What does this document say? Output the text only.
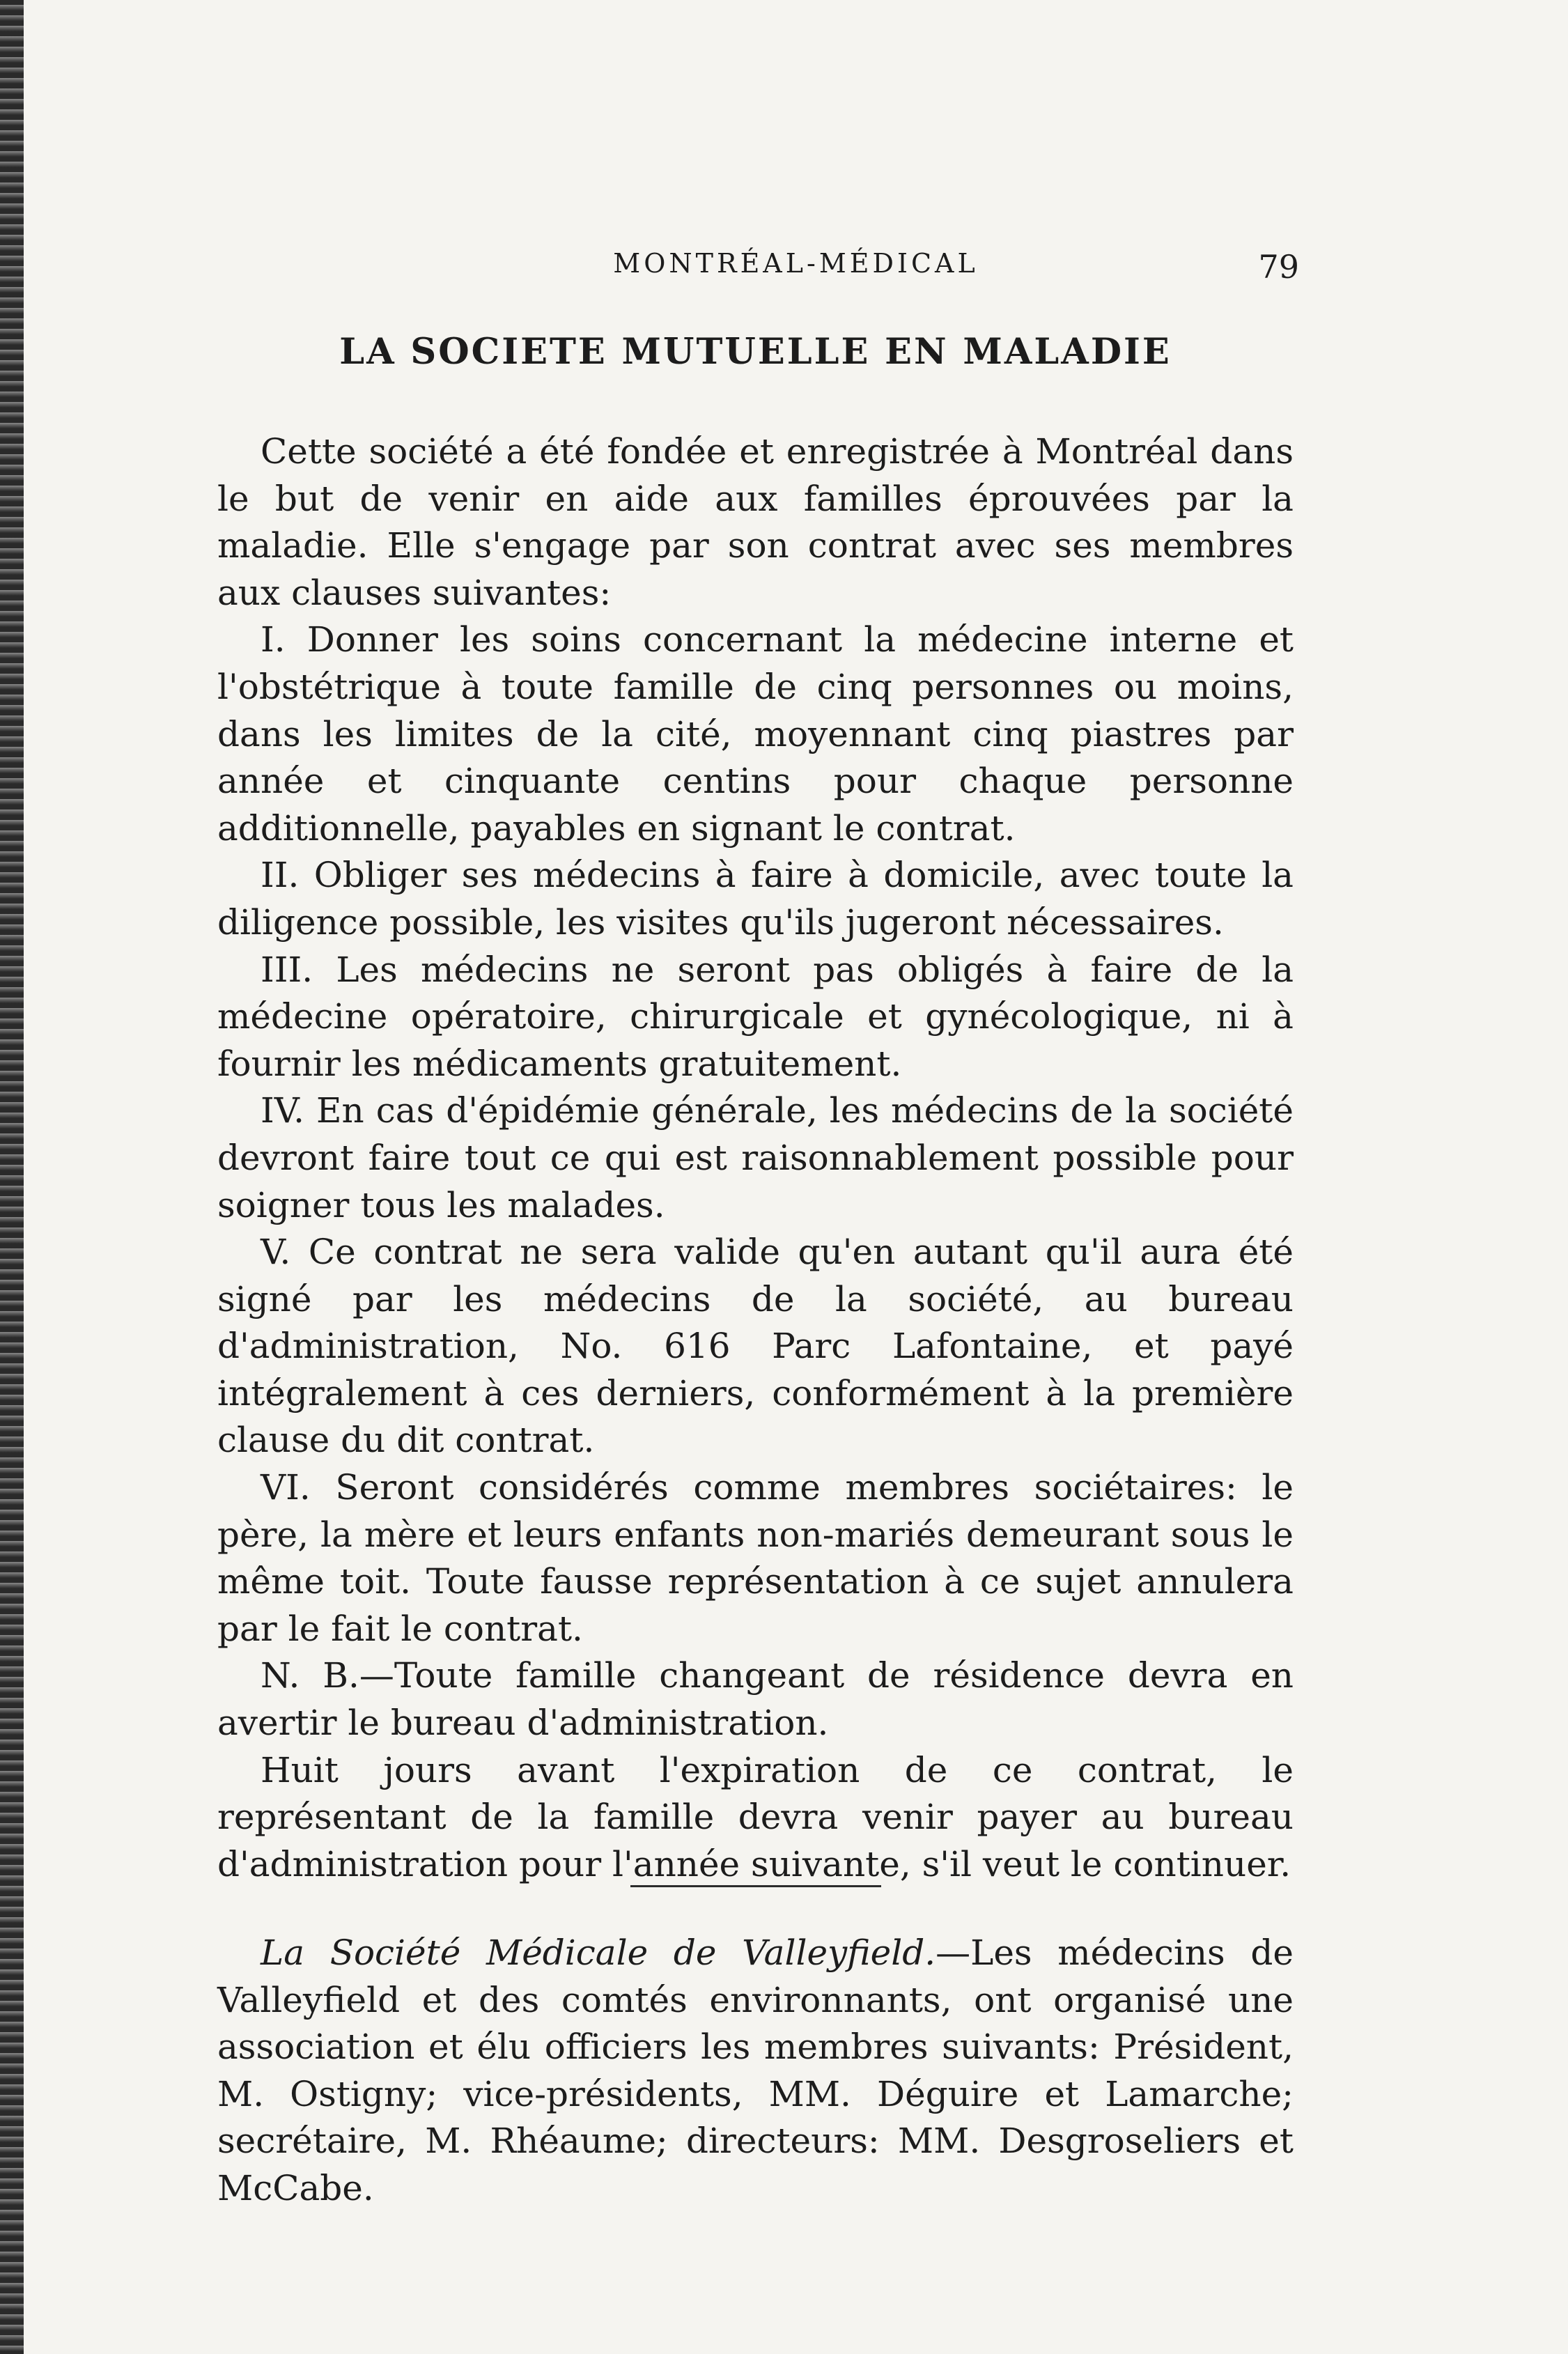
MONTRÉAL-MÉDICAL	79
LA SOCIETE MUTUELLE EN MALADIE

Cette société a été fondée et enregistrée à Montréal dans le but de venir en aide aux familles éprouvées par la maladie. Elle s'engage par son contrat avec ses membres aux clauses suivantes:

I. Donner les soins concernant la médecine interne et l'obstétrique à toute famille de cinq personnes ou moins, dans les limites de la cité, moyennant cinq piastres par année et cinquante centins pour chaque personne additionnelle, payables en signant le contrat.

II. Obliger ses médecins à faire à domicile, avec toute la diligence possible, les visites qu'ils jugeront nécessaires.

III. Les médecins ne seront pas obligés à faire de la médecine opératoire, chirurgicale et gynécologique, ni à fournir les médicaments gratuitement.

IV. En cas d'épidémie générale, les médecins de la société devront faire tout ce qui est raisonnablement possible pour soigner tous les malades.

V. Ce contrat ne sera valide qu'en autant qu'il aura été signé par les médecins de la société, au bureau d'administration, No. 616 Parc Lafontaine, et payé intégralement à ces derniers, conformément à la première clause du dit contrat.

VI. Seront considérés comme membres sociétaires: le père, la mère et leurs enfants non-mariés demeurant sous le même toit. Toute fausse représentation à ce sujet annulera par le fait le contrat.

N. B.—Toute famille changeant de résidence devra en avertir le bureau d'administration.

Huit jours avant l'expiration de ce contrat, le représentant de la famille devra venir payer au bureau d'administration pour l'année suivante, s'il veut le continuer.

La Société Médicale de Valleyfield.—Les médecins de Valleyfield et des comtés environnants, ont organisé une association et élu officiers les membres suivants: Président, M. Ostigny; vice-présidents, MM. Déguire et Lamarche; secrétaire, M. Rhéaume; directeurs: MM. Desgroseliers et McCabe.
